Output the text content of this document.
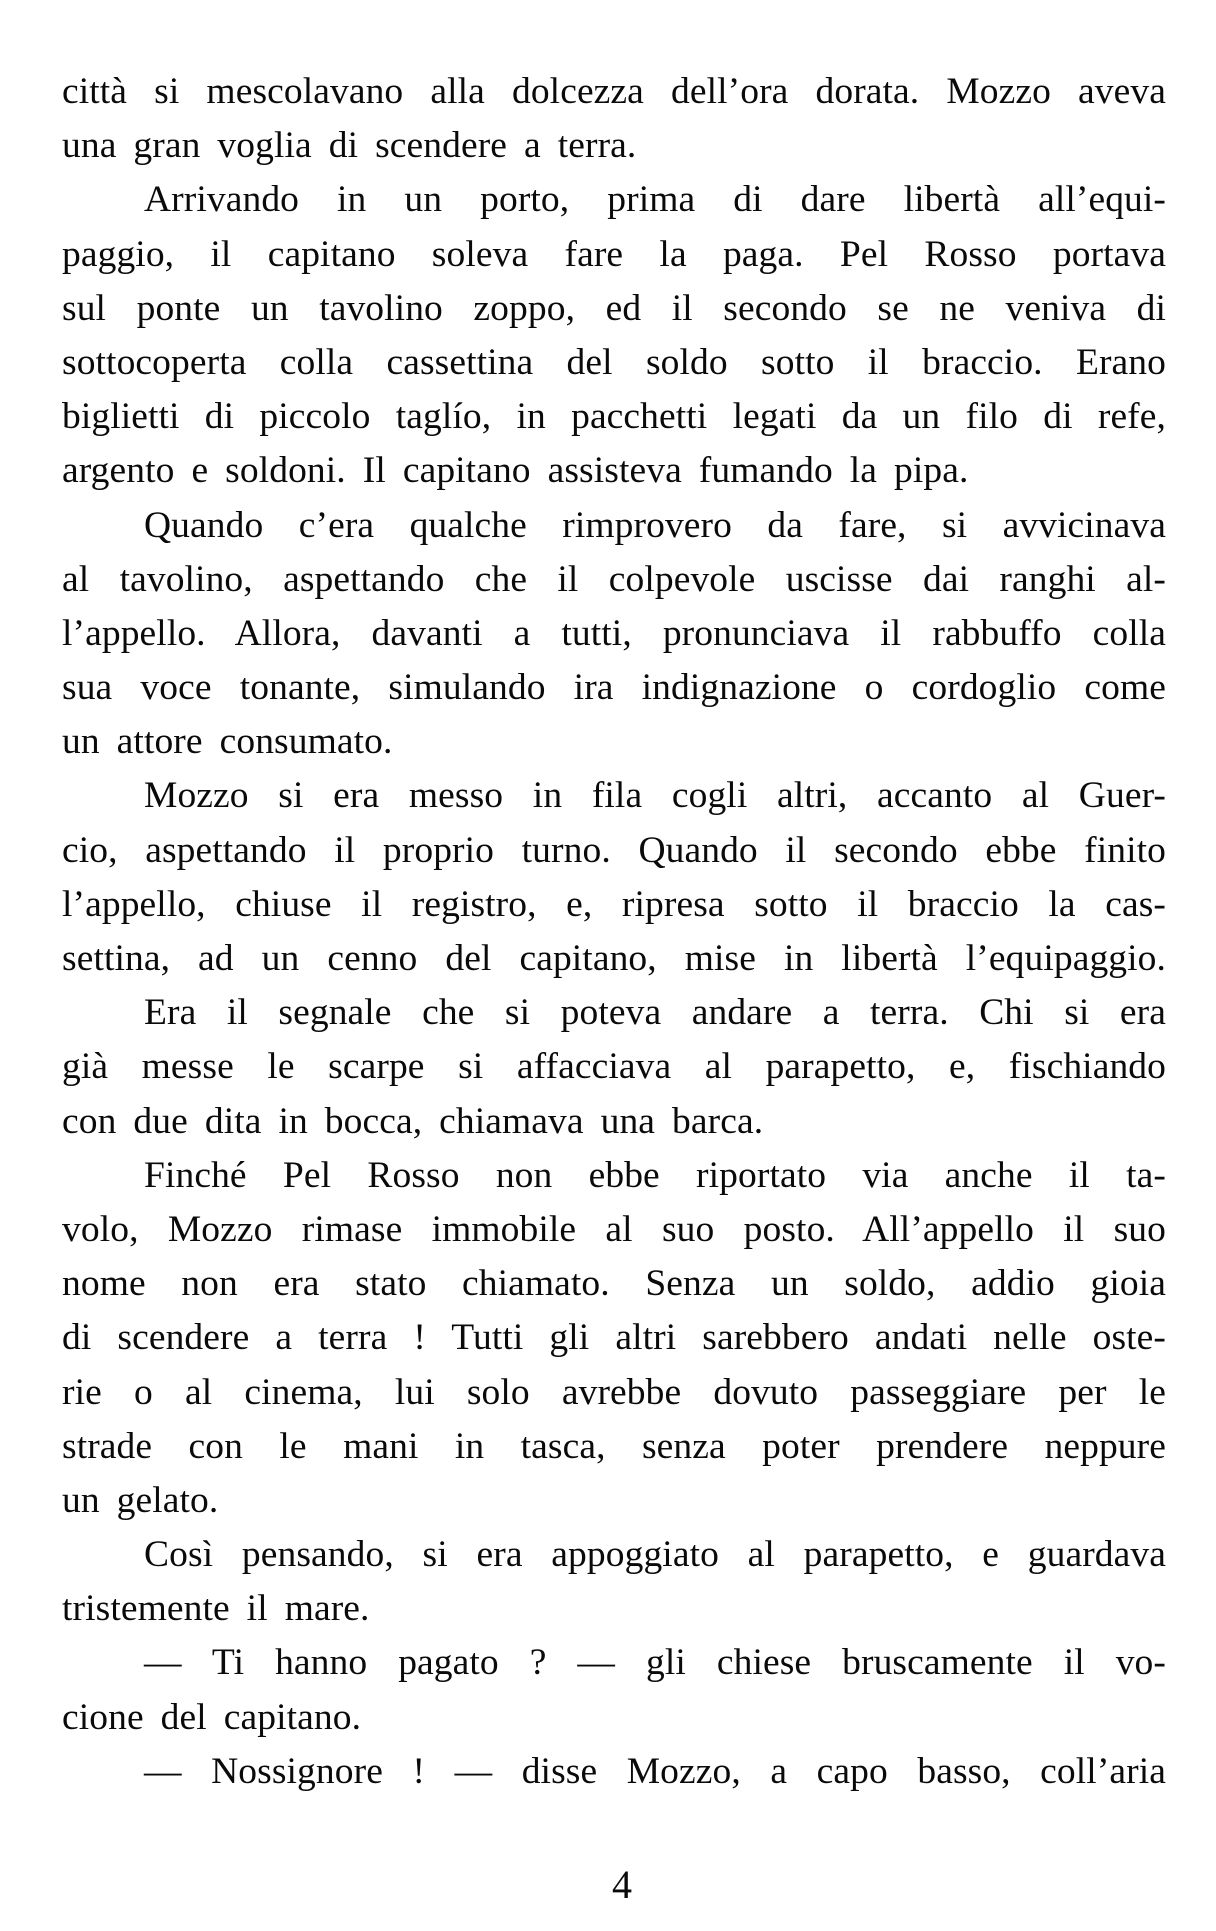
città si mescolavano alla dolcezza dell’ora dorata. Mozzo aveva
una gran voglia di scendere a terra.
Arrivando in un porto, prima di dare libertà all’equi-
paggio, il capitano soleva fare la paga. Pel Rosso portava
sul ponte un tavolino zoppo, ed il secondo se ne veniva di
sottocoperta colla cassettina del soldo sotto il braccio. Erano
biglietti di piccolo taglío, in pacchetti legati da un filo di refe,
argento e soldoni. Il capitano assisteva fumando la pipa.
Quando c’era qualche rimprovero da fare, si avvicinava
al tavolino, aspettando che il colpevole uscisse dai ranghi al-
l’appello. Allora, davanti a tutti, pronunciava il rabbuffo colla
sua voce tonante, simulando ira indignazione o cordoglio come
un attore consumato.
Mozzo si era messo in fila cogli altri, accanto al Guer-
cio, aspettando il proprio turno. Quando il secondo ebbe finito
l’appello, chiuse il registro, e, ripresa sotto il braccio la cas-
settina, ad un cenno del capitano, mise in libertà l’equipaggio.
Era il segnale che si poteva andare a terra. Chi si era
già messe le scarpe si affacciava al parapetto, e, fischiando
con due dita in bocca, chiamava una barca.
Finché Pel Rosso non ebbe riportato via anche il ta-
volo, Mozzo rimase immobile al suo posto. All’appello il suo
nome non era stato chiamato. Senza un soldo, addio gioia
di scendere a terra ! Tutti gli altri sarebbero andati nelle oste-
rie o al cinema, lui solo avrebbe dovuto passeggiare per le
strade con le mani in tasca, senza poter prendere neppure
un gelato.
Così pensando, si era appoggiato al parapetto, e guardava
tristemente il mare.
— Ti hanno pagato ? — gli chiese bruscamente il vo-
cione del capitano.
— Nossignore ! — disse Mozzo, a capo basso, coll’aria
4
